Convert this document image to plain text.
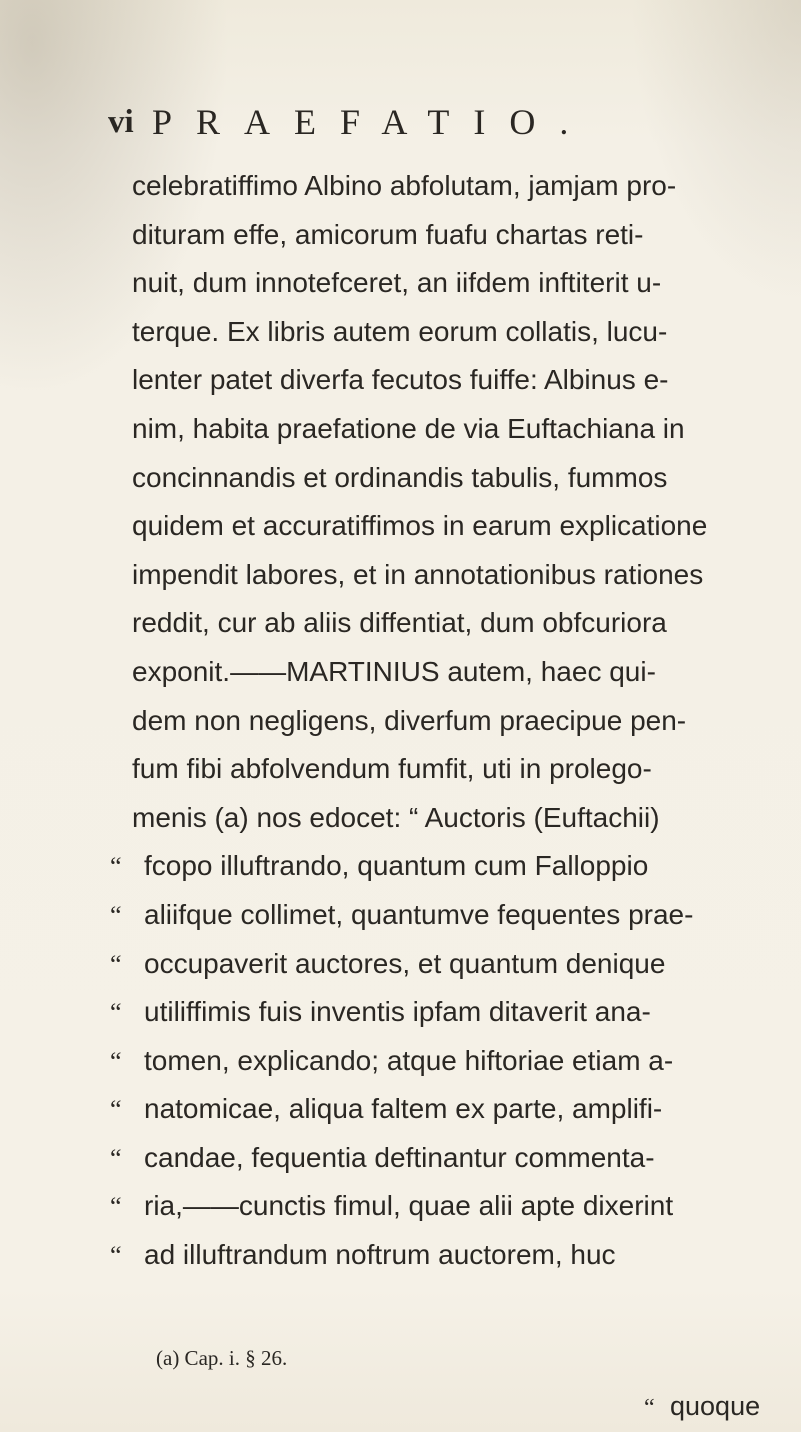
vi PRAEFATIO.
celebratiffimo Albino abfolutam, jamjam pro-
dituram effe, amicorum fuafu chartas reti-
nuit, dum innotefceret, an iifdem inftiterit u-
terque. Ex libris autem eorum collatis, lucu-
lenter patet diverfa fecutos fuiffe: Albinus e-
nim, habita praefatione de via Euftachiana in
concinnandis et ordinandis tabulis, fummos
quidem et accuratiffimos in earum explicatione
impendit labores, et in annotationibus rationes
reddit, cur ab aliis diffentiat, dum obfcuriora
exponit.——MARTINIUS autem, haec qui-
dem non negligens, diverfum praecipue pen-
fum fibi abfolvendum fumfit, uti in prolego-
menis (a) nos edocet: “ Auctoris (Euftachii)
“ fcopo illuftrando, quantum cum Falloppio
“ aliifque collimet, quantumve fequentes prae-
“ occupaverit auctores, et quantum denique
“ utiliffimis fuis inventis ipfam ditaverit ana-
“ tomen, explicando; atque hiftoriae etiam a-
“ natomicae, aliqua faltem ex parte, amplifi-
“ candae, fequentia deftinantur commenta-
“ ria,——cunctis fimul, quae alii apte dixerint
“ ad illuftrandum noftrum auctorem, huc
(a) Cap. i. § 26.
“ quoque
